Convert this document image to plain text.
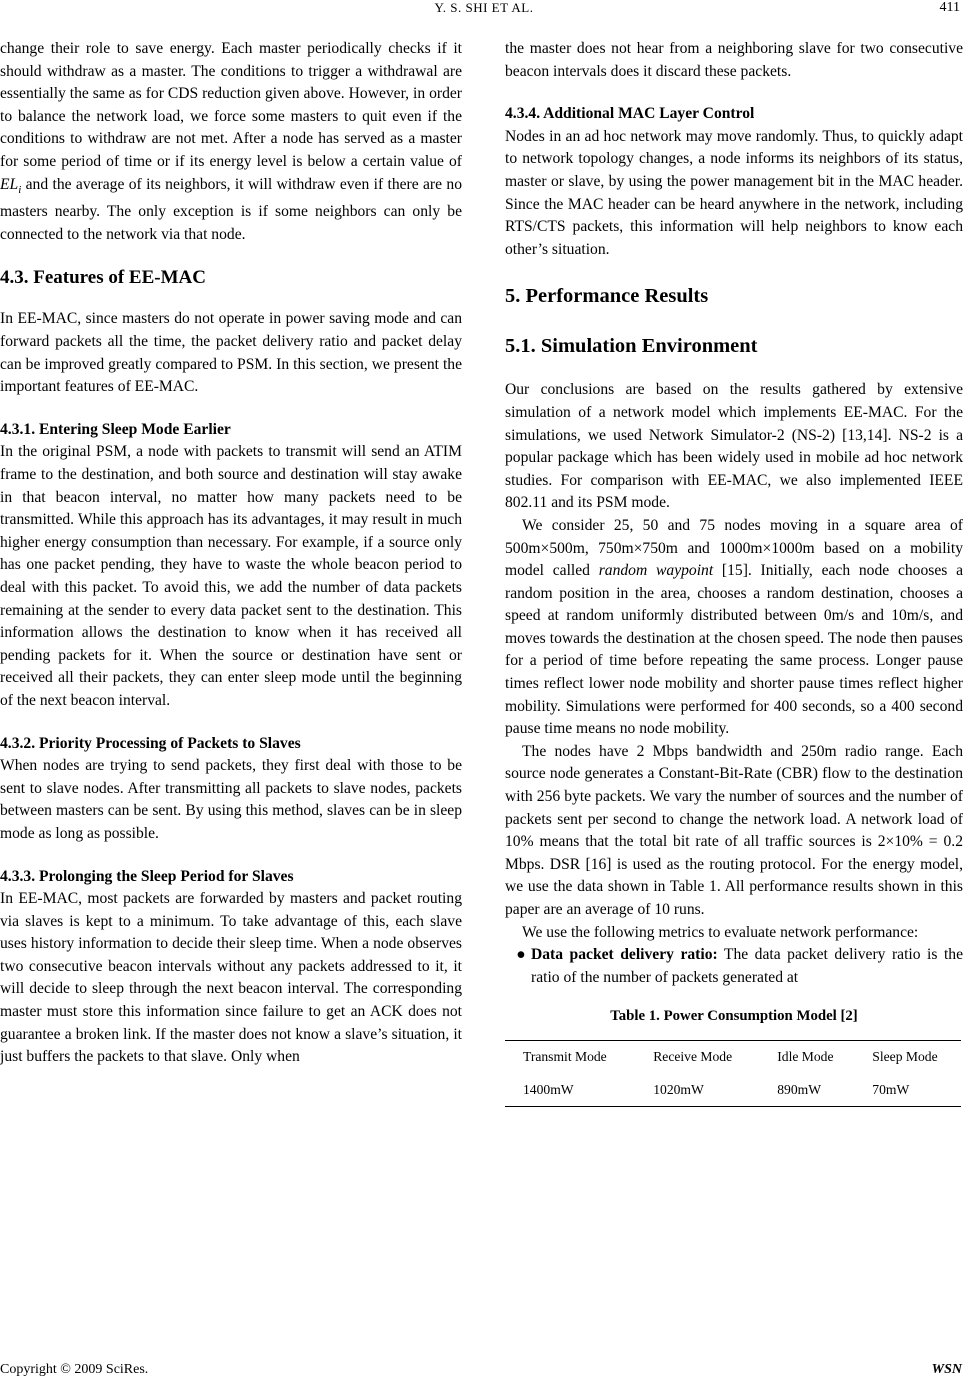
Y. S. SHI ET AL.	411

change their role to save energy. Each master periodically checks if it should withdraw as a master. The conditions to trigger a withdrawal are essentially the same as for CDS reduction given above. However, in order to balance the network load, we force some masters to quit even if the conditions to withdraw are not met. After a node has served as a master for some period of time or if its energy level is below a certain value of $EL_i$ and the average of its neighbors, it will withdraw even if there are no masters nearby. The only exception is if some neighbors can only be connected to the network via that node.

4.3. Features of EE-MAC

In EE-MAC, since masters do not operate in power saving mode and can forward packets all the time, the packet delivery ratio and packet delay can be improved greatly compared to PSM. In this section, we present the important features of EE-MAC.

4.3.1. Entering Sleep Mode Earlier

In the original PSM, a node with packets to transmit will send an ATIM frame to the destination, and both source and destination will stay awake in that beacon interval, no matter how many packets need to be transmitted. While this approach has its advantages, it may result in much higher energy consumption than necessary. For example, if a source only has one packet pending, they have to waste the whole beacon period to deal with this packet. To avoid this, we add the number of data packets remaining at the sender to every data packet sent to the destination. This information allows the destination to know when it has received all pending packets for it. When the source or destination have sent or received all their packets, they can enter sleep mode until the beginning of the next beacon interval.

4.3.2. Priority Processing of Packets to Slaves

When nodes are trying to send packets, they first deal with those to be sent to slave nodes. After transmitting all packets to slave nodes, packets between masters can be sent. By using this method, slaves can be in sleep mode as long as possible.

4.3.3. Prolonging the Sleep Period for Slaves

In EE-MAC, most packets are forwarded by masters and packet routing via slaves is kept to a minimum. To take advantage of this, each slave uses history information to decide their sleep time. When a node observes two consecutive beacon intervals without any packets addressed to it, it will decide to sleep through the next beacon interval. The corresponding master must store this information since failure to get an ACK does not guarantee a broken link. If the master does not know a slave’s situation, it just buffers the packets to that slave. Only when

the master does not hear from a neighboring slave for two consecutive beacon intervals does it discard these packets.

4.3.4. Additional MAC Layer Control

Nodes in an ad hoc network may move randomly. Thus, to quickly adapt to network topology changes, a node informs its neighbors of its status, master or slave, by using the power management bit in the MAC header. Since the MAC header can be heard anywhere in the network, including RTS/CTS packets, this information will help neighbors to know each other’s situation.

5. Performance Results

5.1. Simulation Environment

Our conclusions are based on the results gathered by extensive simulation of a network model which implements EE-MAC. For the simulations, we used Network Simulator-2 (NS-2) [13,14]. NS-2 is a popular package which has been widely used in mobile ad hoc network studies. For comparison with EE-MAC, we also implemented IEEE 802.11 and its PSM mode.

We consider 25, 50 and 75 nodes moving in a square area of 500m×500m, 750m×750m and 1000m×1000m based on a mobility model called random waypoint [15]. Initially, each node chooses a random position in the area, chooses a random destination, chooses a speed at random uniformly distributed between 0m/s and 10m/s, and moves towards the destination at the chosen speed. The node then pauses for a period of time before repeating the same process. Longer pause times reflect lower node mobility and shorter pause times reflect higher mobility. Simulations were performed for 400 seconds, so a 400 second pause time means no node mobility.

The nodes have 2 Mbps bandwidth and 250m radio range. Each source node generates a Constant-Bit-Rate (CBR) flow to the destination with 256 byte packets. We vary the number of sources and the number of packets sent per second to change the network load. A network load of 10% means that the total bit rate of all traffic sources is 2×10% = 0.2 Mbps. DSR [16] is used as the routing protocol. For the energy model, we use the data shown in Table 1. All performance results shown in this paper are an average of 10 runs.

We use the following metrics to evaluate network performance:

● Data packet delivery ratio: The data packet delivery ratio is the ratio of the number of packets generated at

Table 1. Power Consumption Model [2]

Transmit Mode	Receive Mode	Idle Mode	Sleep Mode
1400mW	1020mW	890mW	70mW
Copyright © 2009 SciRes.	WSN
